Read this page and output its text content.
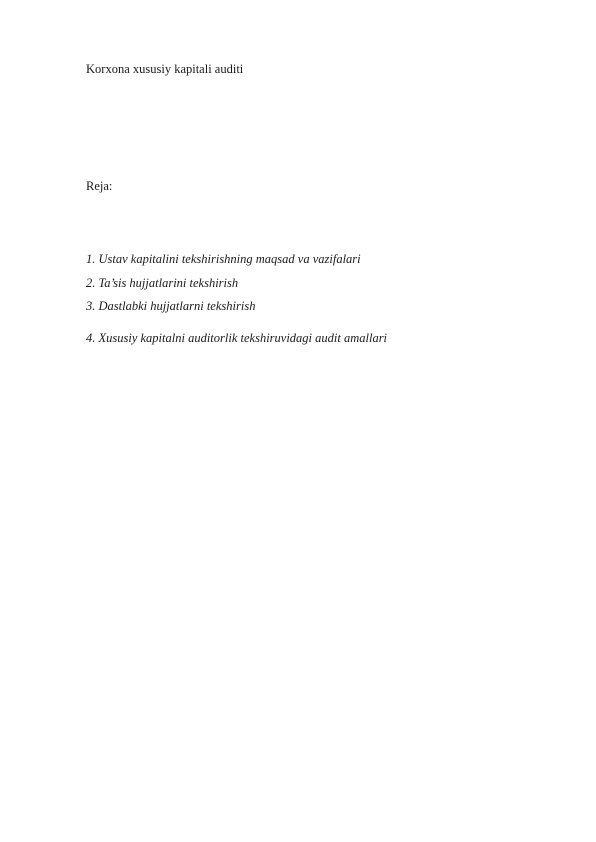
Korxona xususiy kapitali auditi
Reja:
1. Ustav kapitalini tekshirishning maqsad va vazifalari
2. Ta’sis hujjatlarini tekshirish
3. Dastlabki hujjatlarni tekshirish
4. Xususiy kapitalni auditorlik tekshiruvidagi audit amallari
